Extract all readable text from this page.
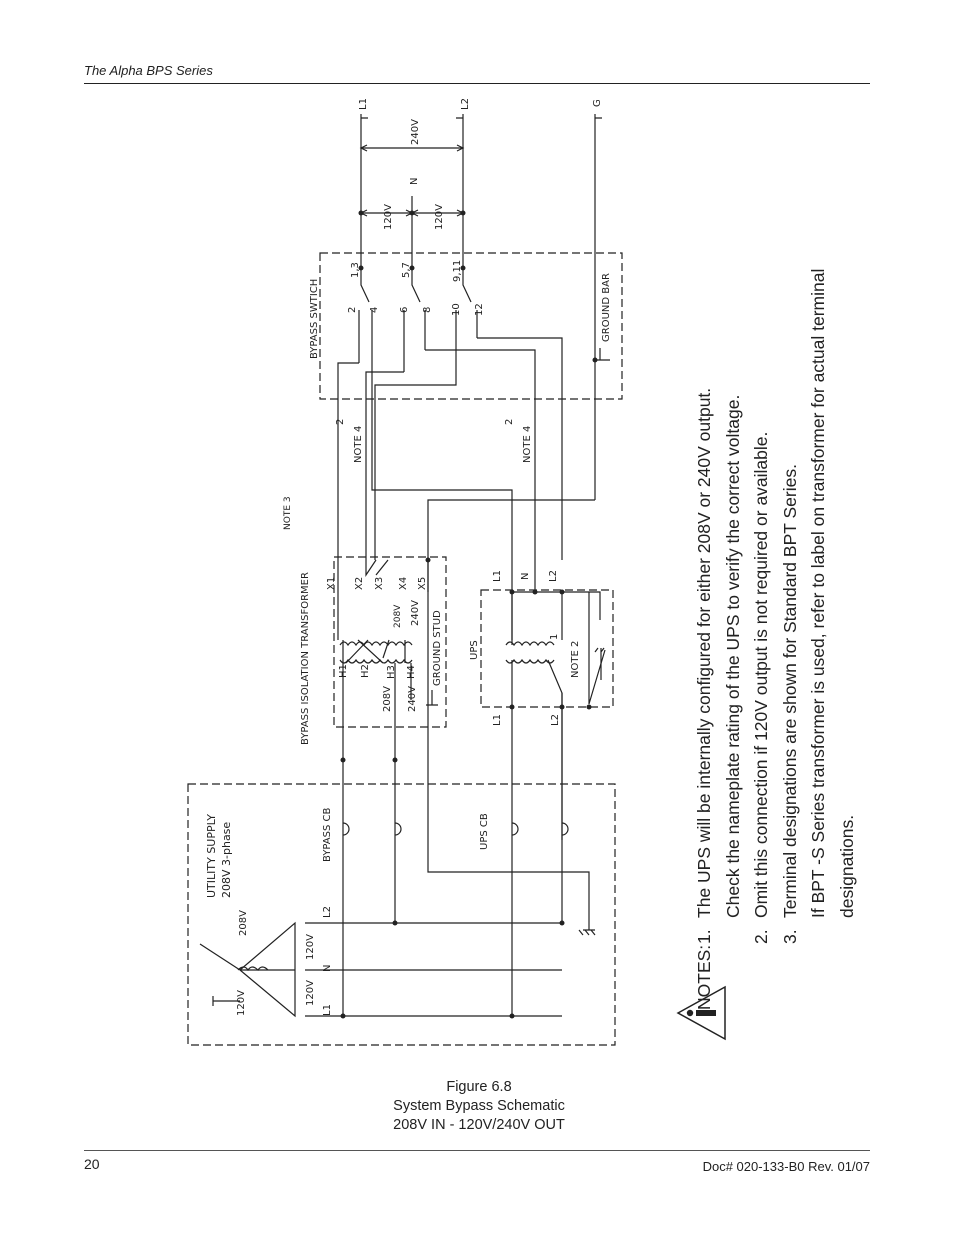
The Alpha BPS Series
L1	L2	G
N
240V
120V	120V
BYPASS SWTICH
1,3	5,7	9,11
2 4 6 8 10 12	GROUND BAR
2
NOTE 4
2
NOTE 4
NOTE 3
BYPASS ISOLATION TRANSFORMER X1 X2 X3 X4 X5
208V 240V
H1 H2 H3 H4
208V 240V
GROUND STUD	UPS
L1 N L2
1
NOTE 2
L1	L2
UTILITY SUPPLY 208V 3-phase	BYPASS CB	UPS CB
L2
N
L1
208V
120V
120V
120V	NOTES:
1.
The UPS will be internally configured for either 208V or 240V output. Check the nameplate rating of the UPS to verify the correct voltage.
2.
Omit this connection if 120V output is not required or available.
3.
Terminal designations are shown for Standard BPT Series. If BPT -S Series transformer is used, refer to label on transformer for actual terminal designations.
Figure 6.8
System Bypass Schematic
208V IN - 120V/240V OUT
20	Doc# 020-133-B0 Rev. 01/07
